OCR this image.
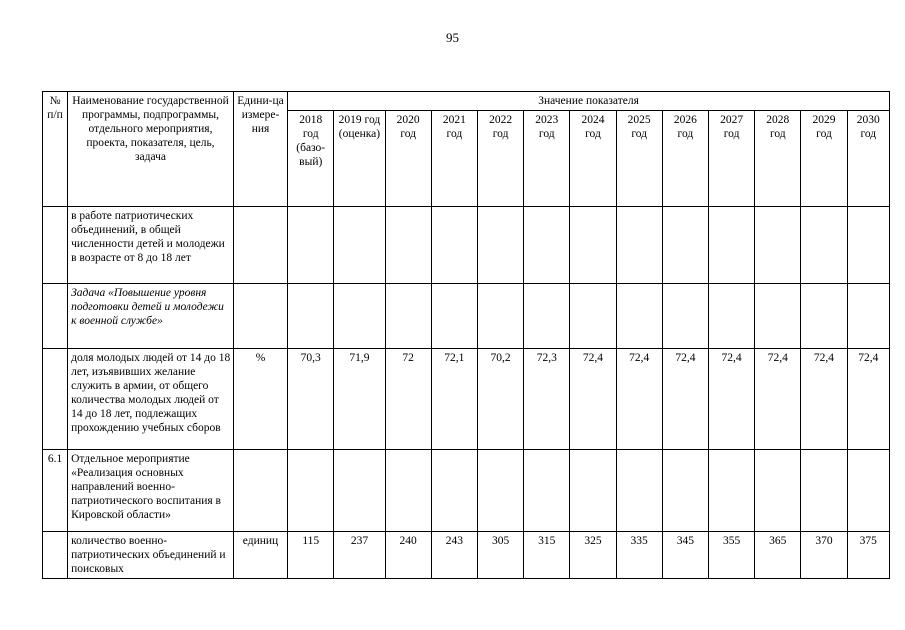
95
№ п/п	Наименование государственной программы, подпрограммы, отдельного мероприятия, проекта, показателя, цель, задача	Едини-ца измере-ния	Значение показателя												
			2018 год (базо-вый)	2019 год (оценка)	2020 год	2021 год	2022 год	2023 год	2024 год	2025 год	2026 год	2027 год	2028 год	2029 год	2030 год
	в работе патриотических объединений, в общей численности детей и молодежи в возрасте от 8 до 18 лет														
	Задача «Повышение уровня подготовки детей и молодежи к военной службе»														
	доля молодых людей от 14 до 18 лет, изъявивших желание служить в армии, от общего количества молодых людей от 14 до 18 лет, подлежащих прохождению учебных сборов	%	70,3	71,9	72	72,1	70,2	72,3	72,4	72,4	72,4	72,4	72,4	72,4	72,4
6.1	Отдельное мероприятие «Реализация основных направлений военно-патриотического воспитания в Кировской области»														
	количество военно-патриотических объединений и поисковых	единиц	115	237	240	243	305	315	325	335	345	355	365	370	375
